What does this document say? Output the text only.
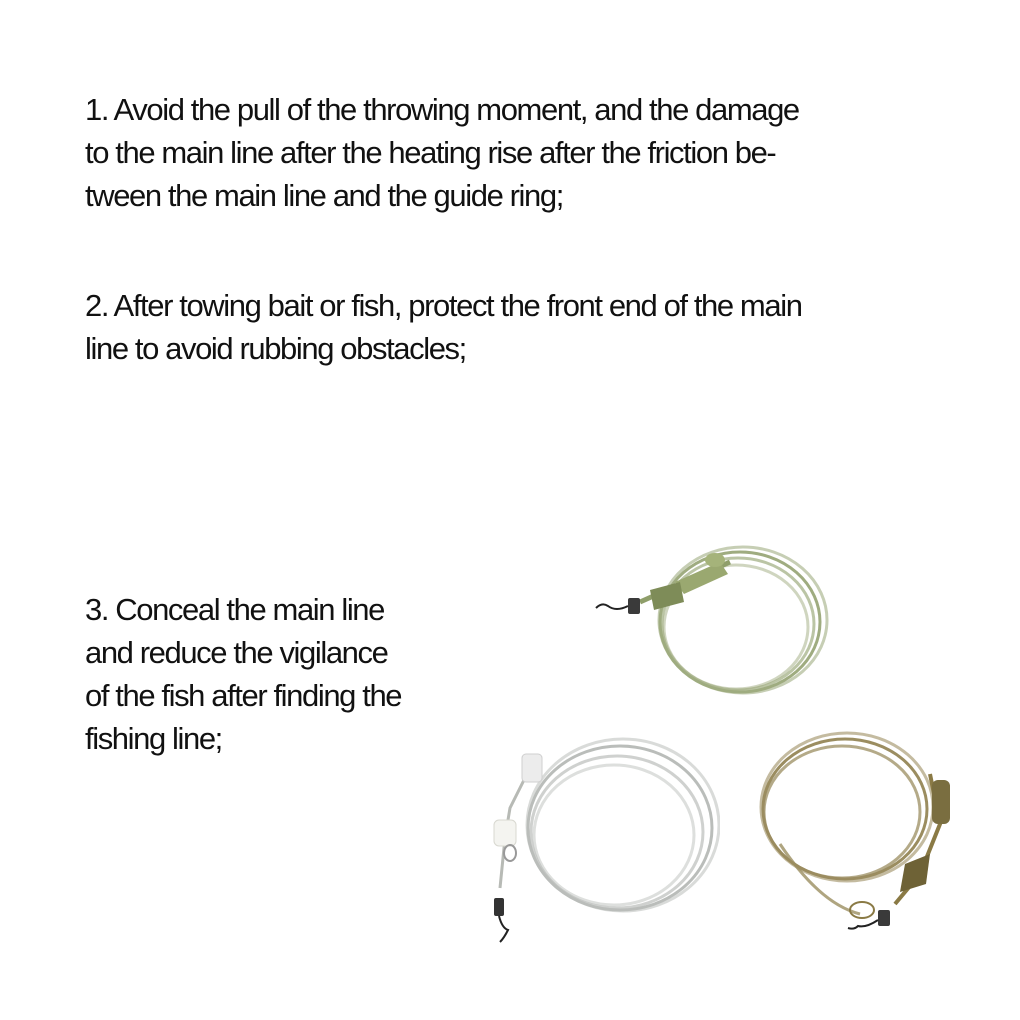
1. Avoid the pull of the throwing moment, and the damage
to the main line after the heating rise after the friction be-
tween the main line and the guide ring;

2. After towing bait or fish, protect the front end of the main
line to avoid rubbing obstacles;

3. Conceal the main line
and reduce the vigilance
of the fish after finding the
fishing line;
